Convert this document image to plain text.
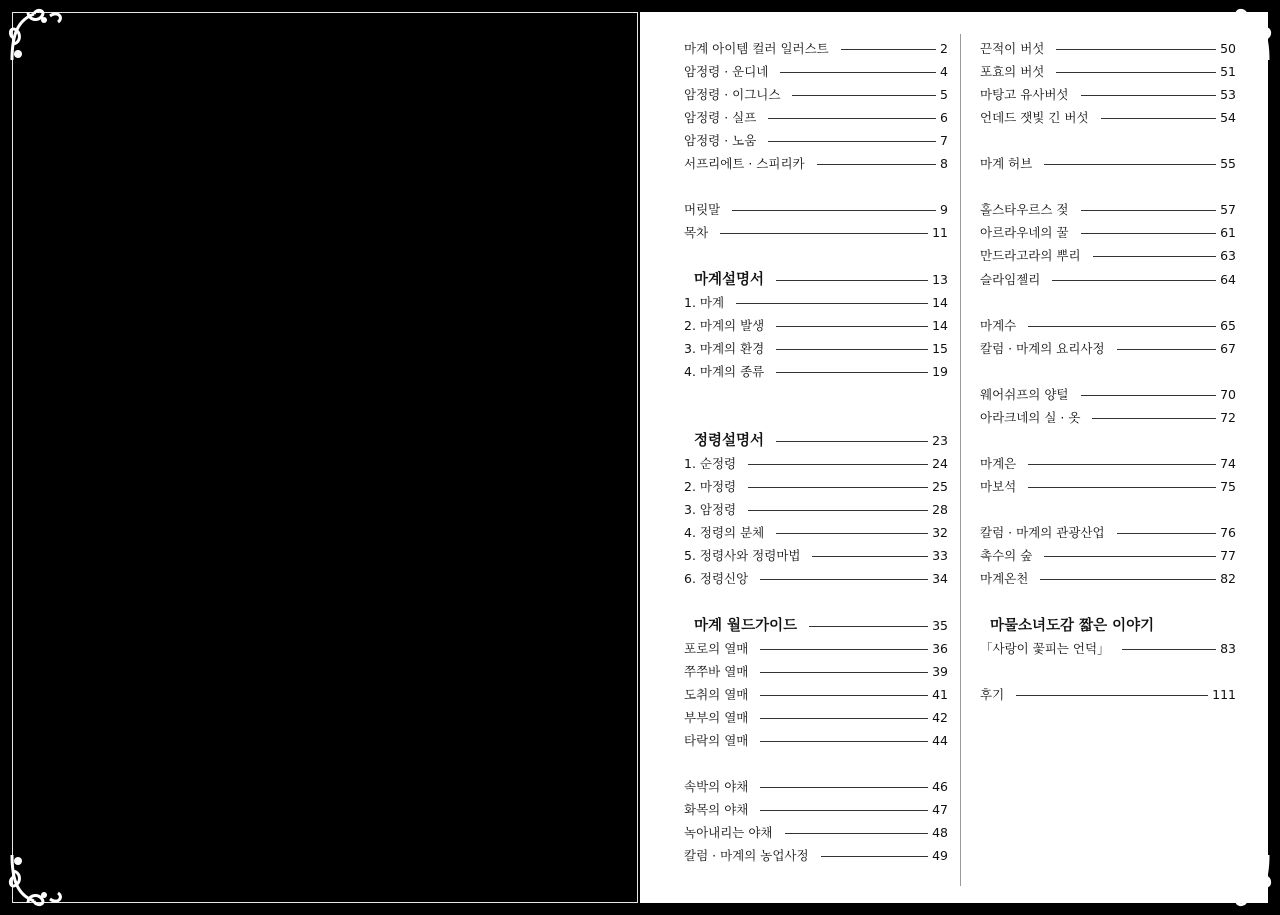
마계 아이템 컬러 일러스트	2
암정령 · 운디네	4
암정령 · 이그니스	5
암정령 · 실프	6
암정령 · 노움	7
서프리에트 · 스피리카	8
머릿말	9
목차	11
마계설명서	13
1. 마계	14
2. 마계의 발생	14
3. 마계의 환경	15
4. 마계의 종류	19
정령설명서	23
1. 순정령	24
2. 마정령	25
3. 암정령	28
4. 정령의 분체	32
5. 정령사와 정령마법	33
6. 정령신앙	34
마계 월드가이드	35
포로의 열매	36
쭈쭈바 열매	39
도취의 열매	41
부부의 열매	42
타락의 열매	44
속박의 야채	46
화목의 야채	47
녹아내리는 야채	48
칼럼 · 마계의 농업사정	49
끈적이 버섯	50
포효의 버섯	51
마탕고 유사버섯	53
언데드 잿빛 긴 버섯	54
마계 허브	55
홀스타우르스 젖	57
아르라우네의 꿀	61
만드라고라의 뿌리	63
슬라임젤리	64
마계수	65
칼럼 · 마계의 요리사정	67
웨어쉬프의 양털	70
아라크네의 실 · 옷	72
마계은	74
마보석	75
칼럼 · 마계의 관광산업	76
촉수의 숲	77
마계온천	82
마물소녀도감 짧은 이야기
「사랑이 꽃피는 언덕」	83
후기	111
